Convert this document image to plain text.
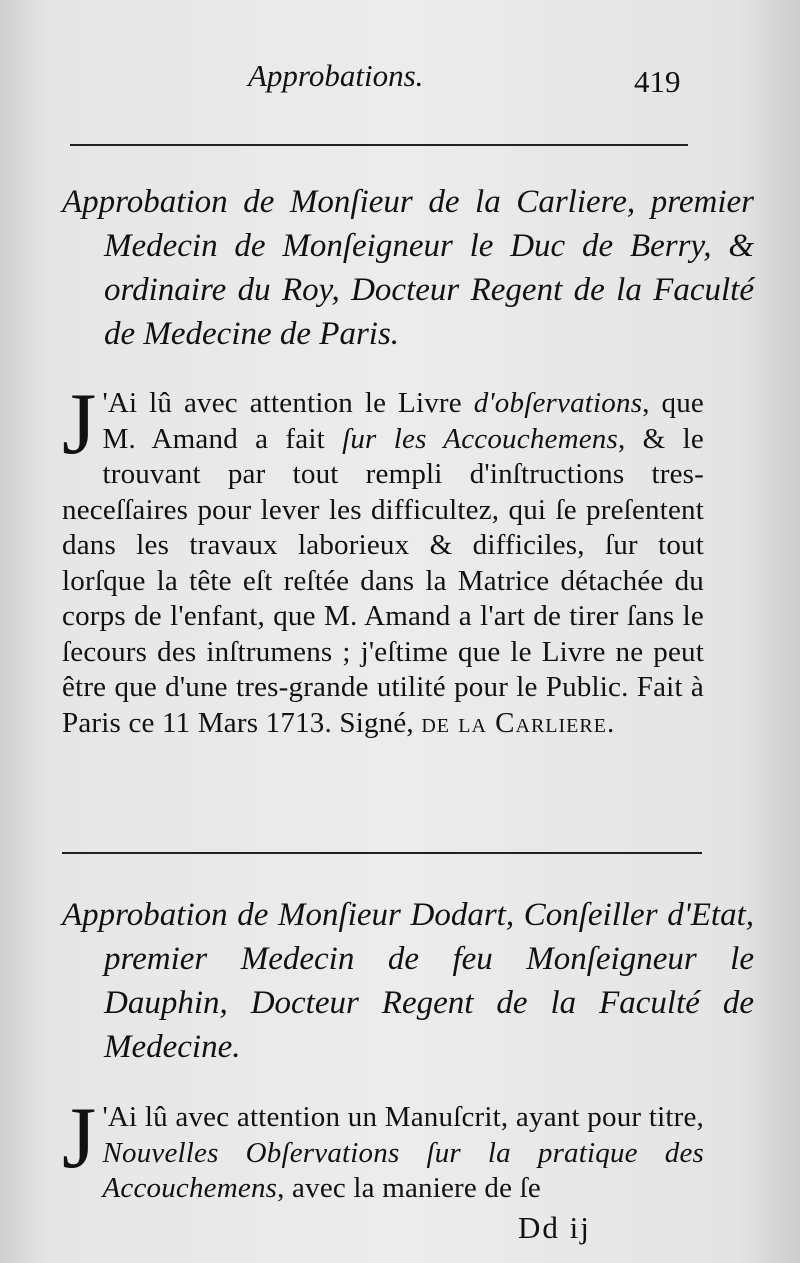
Approbations.	419
Approbation de Monſieur de la Carliere, premier Medecin de Monſeigneur le Duc de Berry, & ordinaire du Roy, Docteur Regent de la Faculté de Medecine de Paris.
J 'Ai lû avec attention le Livre d'obſervations, que M. Amand a fait ſur les Accouchemens, & le trouvant par tout rempli d'inſtructions tres-neceſſaires pour lever les difficultez, qui ſe preſentent dans les travaux laborieux & difficiles, ſur tout lorſque la tête eſt reſtée dans la Matrice détachée du corps de l'enfant, que M. Amand a l'art de tirer ſans le ſecours des inſtrumens ; j'eſtime que le Livre ne peut être que d'une tres-grande utilité pour le Public. Fait à Paris ce 11 Mars 1713. Signé, de la Carliere.
Approbation de Monſieur Dodart, Conſeiller d'Etat, premier Medecin de feu Monſeigneur le Dauphin, Docteur Regent de la Faculté de Medecine.
J 'Ai lû avec attention un Manuſcrit, ayant pour titre, Nouvelles Obſervations ſur la pratique des Accouchemens, avec la maniere de ſe
Dd ij
